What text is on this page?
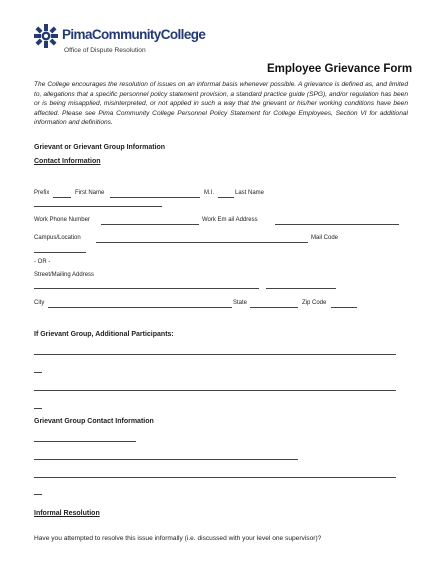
PimaCommunityCollege
Office of Dispute Resolution
Employee Grievance Form
The College encourages the resolution of issues on an informal basis whenever possible. A grievance is defined as, and limited to, allegations that a specific personnel policy statement provision, a standard practice guide (SPG), and/or regulation has been or is being misapplied, misinterpreted, or not applied in such a way that the grievant or his/her working conditions have been affected. Please see Pima Community College Personnel Policy Statement for College Employees, Section VI for additional information and definitions.
Grievant or Grievant Group Information
Contact Information
Prefix	First Name	M.I.	Last Name
Work Phone Number	Work Em ail Address
Campus/Location	Mail Code
- OR -
Street/Mailing Address
City	State	Zip Code
If Grievant Group, Additional Participants:
Grievant Group Contact Information
Informal Resolution
Have you attempted to resolve this issue informally (i.e. discussed with your level one supervisor)?
